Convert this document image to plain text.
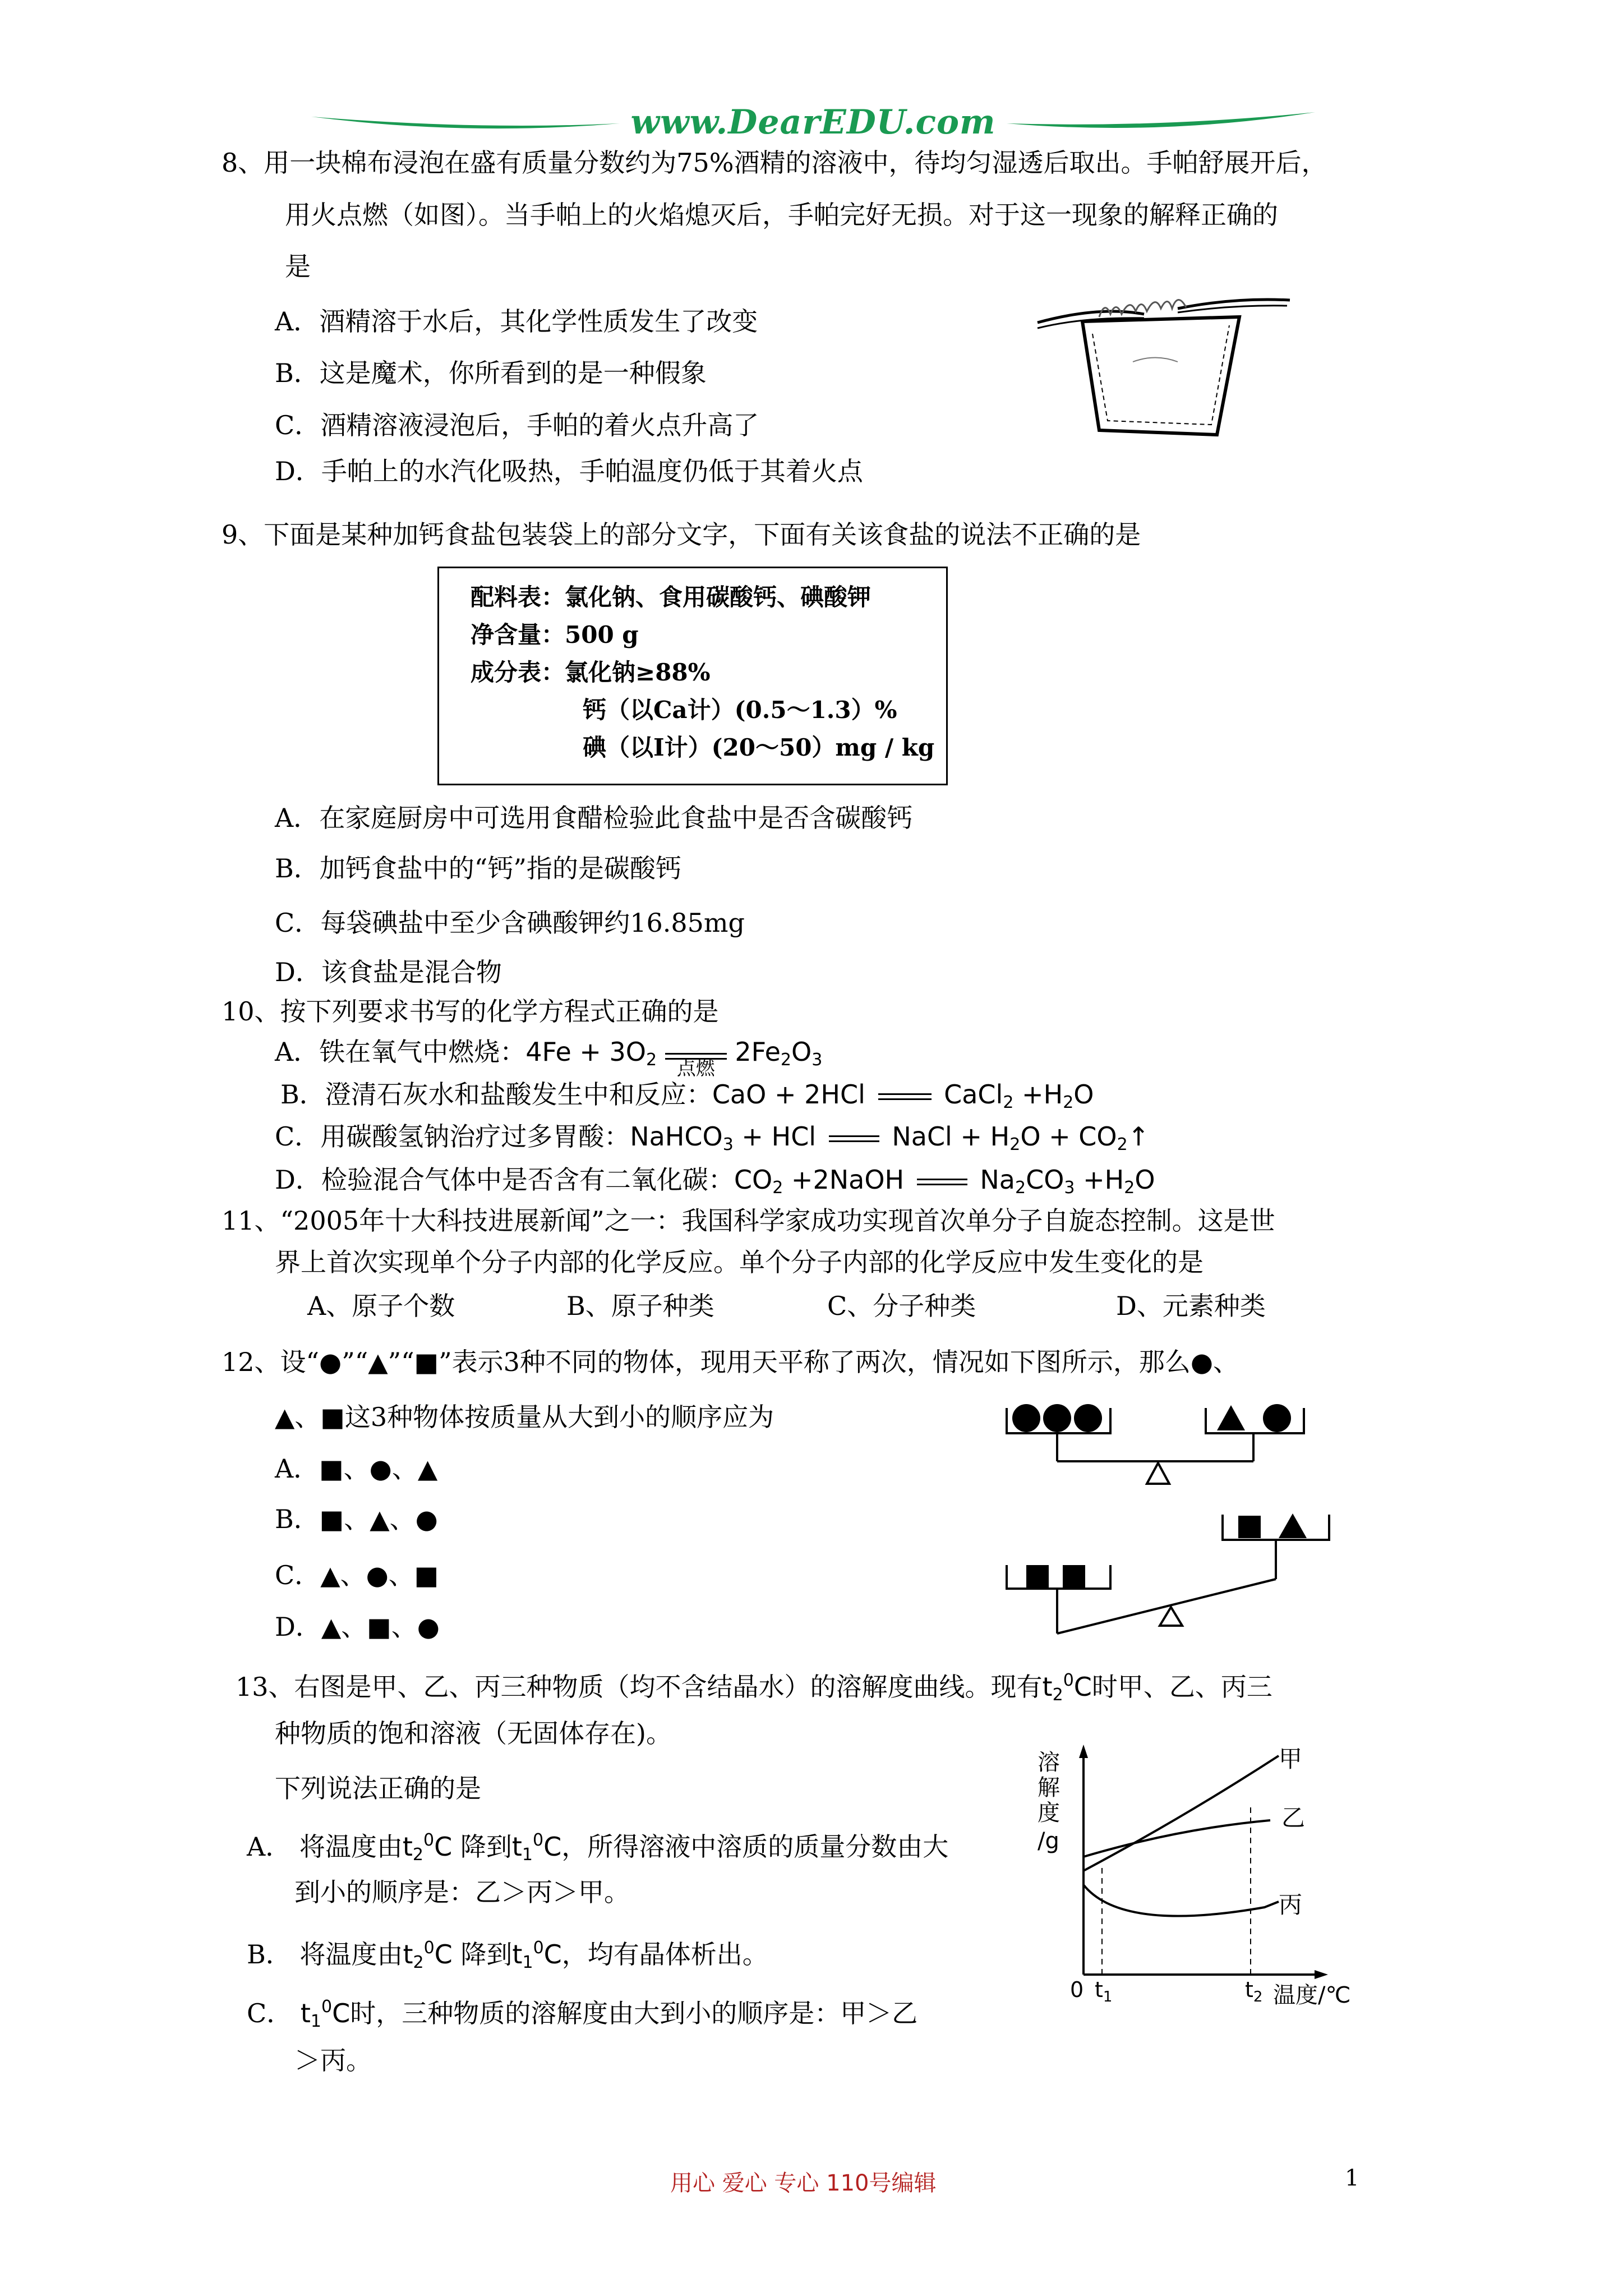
www.DearEDU.com
8、用一块棉布浸泡在盛有质量分数约为75%酒精的溶液中，待均匀湿透后取出。手帕舒展开后，
用火点燃（如图）。当手帕上的火焰熄灭后，手帕完好无损。对于这一现象的解释正确的
是
A．酒精溶于水后，其化学性质发生了改变
B．这是魔术，你所看到的是一种假象
C．酒精溶液浸泡后，手帕的着火点升高了
D．手帕上的水汽化吸热，手帕温度仍低于其着火点
9、下面是某种加钙食盐包装袋上的部分文字，下面有关该食盐的说法不正确的是
配料表：氯化钠、食用碳酸钙、碘酸钾
净含量：500 g
成分表：氯化钠≥88%
钙（以Ca计）(0.5～1.3）%
碘（以I计）(20～50）mg / kg
A．在家庭厨房中可选用食醋检验此食盐中是否含碳酸钙
B．加钙食盐中的“钙”指的是碳酸钙
C．每袋碘盐中至少含碘酸钾约16.85mg
D．该食盐是混合物
10、按下列要求书写的化学方程式正确的是
A．铁在氧气中燃烧：$4Fe + 3O_2$	点燃
$2Fe_2O_3$
B．澄清石灰水和盐酸发生中和反应：CaO + 2HCl	CaCl$_2$ $+H_2O$
C．用碳酸氢钠治疗过多胃酸：NaHCO$_3$ + HCl	NaCl + $H_2O$ + $CO_2↑$
D．检验混合气体中是否含有二氧化碳：$CO_2$ +2NaOH	$Na_2CO_3 +H_2O$
11、“2005年十大科技进展新闻”之一：我国科学家成功实现首次单分子自旋态控制。这是世
界上首次实现单个分子内部的化学反应。单个分子内部的化学反应中发生变化的是
A、原子个数	B、原子种类	C、分子种类	D、元素种类
12、设“●”“▲”“■”表示3种不同的物体，现用天平称了两次，情况如下图所示，那么●、
▲、■这3种物体按质量从大到小的顺序应为
A．■、●、▲
B．■、▲、●
C．▲、●、■
D．▲、■、●
13、右图是甲、乙、丙三种物质（均不含结晶水）的溶解度曲线。现有$t_2^0C$时甲、乙、丙三
种物质的饱和溶液（无固体存在)。
下列说法正确的是
A． 将温度由$t_2^0C$ 降到$t_1^0C$，所得溶液中溶质的质量分数由大
到小的顺序是：乙＞丙＞甲。
B． 将温度由$t_2^0C$ 降到$t_1^0C$，均有晶体析出。
C． $t_1^0C$时，三种物质的溶解度由大到小的顺序是：甲＞乙
＞丙。
溶
解
度
/g
甲
乙
丙
0 $t_1$	$t_2$ 温度/℃
用心 爱心 专心 110号编辑	1
